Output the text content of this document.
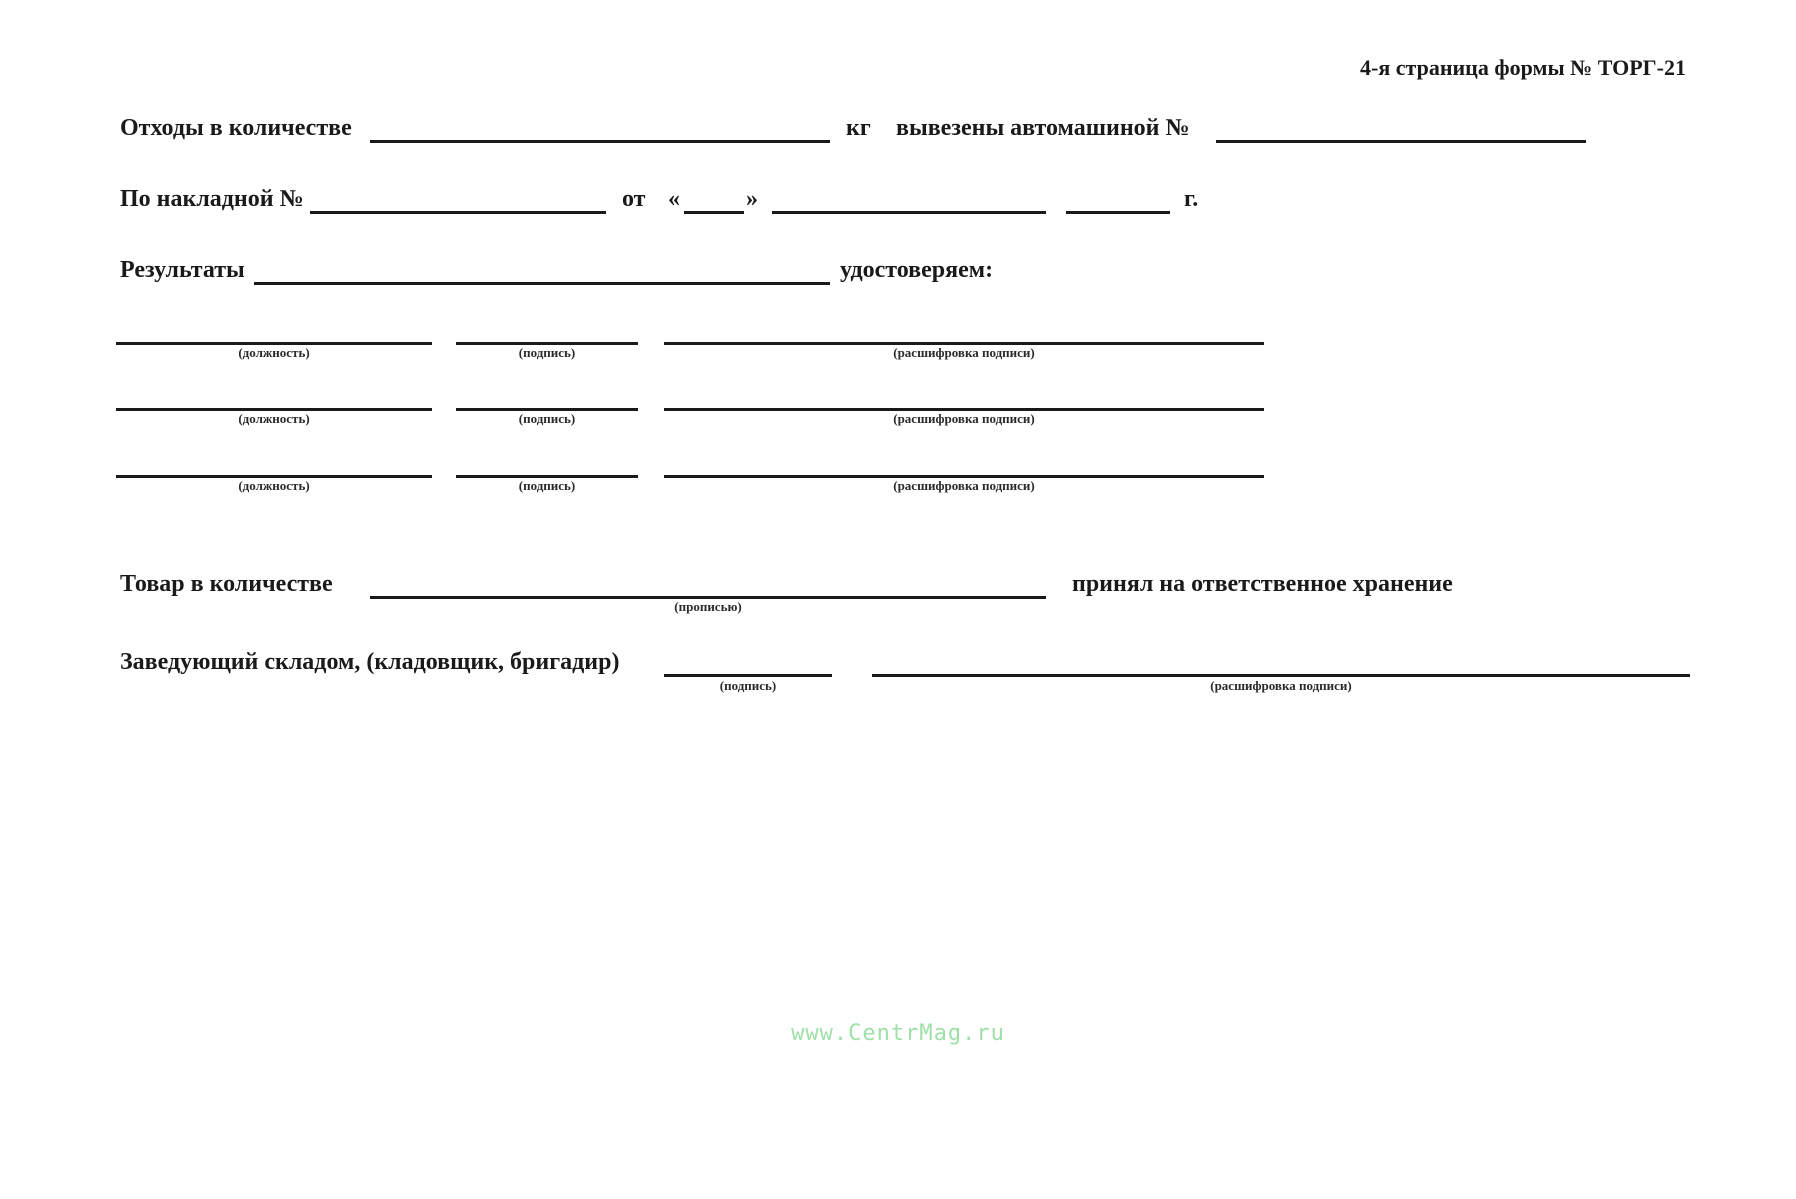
4-я страница формы № ТОРГ-21
Отходы в количестве	кг вывезены автомашиной №
По накладной №	от «	»	г.
Результаты	удостоверяем:
(должность)	(подпись)	(расшифровка подписи)
(должность)	(подпись)	(расшифровка подписи)
(должность)	(подпись)	(расшифровка подписи)
Товар в количестве
(прописью)
принял на ответственное хранение
Заведующий складом, (кладовщик, бригадир)
(подпись)	(расшифровка подписи)
www.CentrMag.ru
